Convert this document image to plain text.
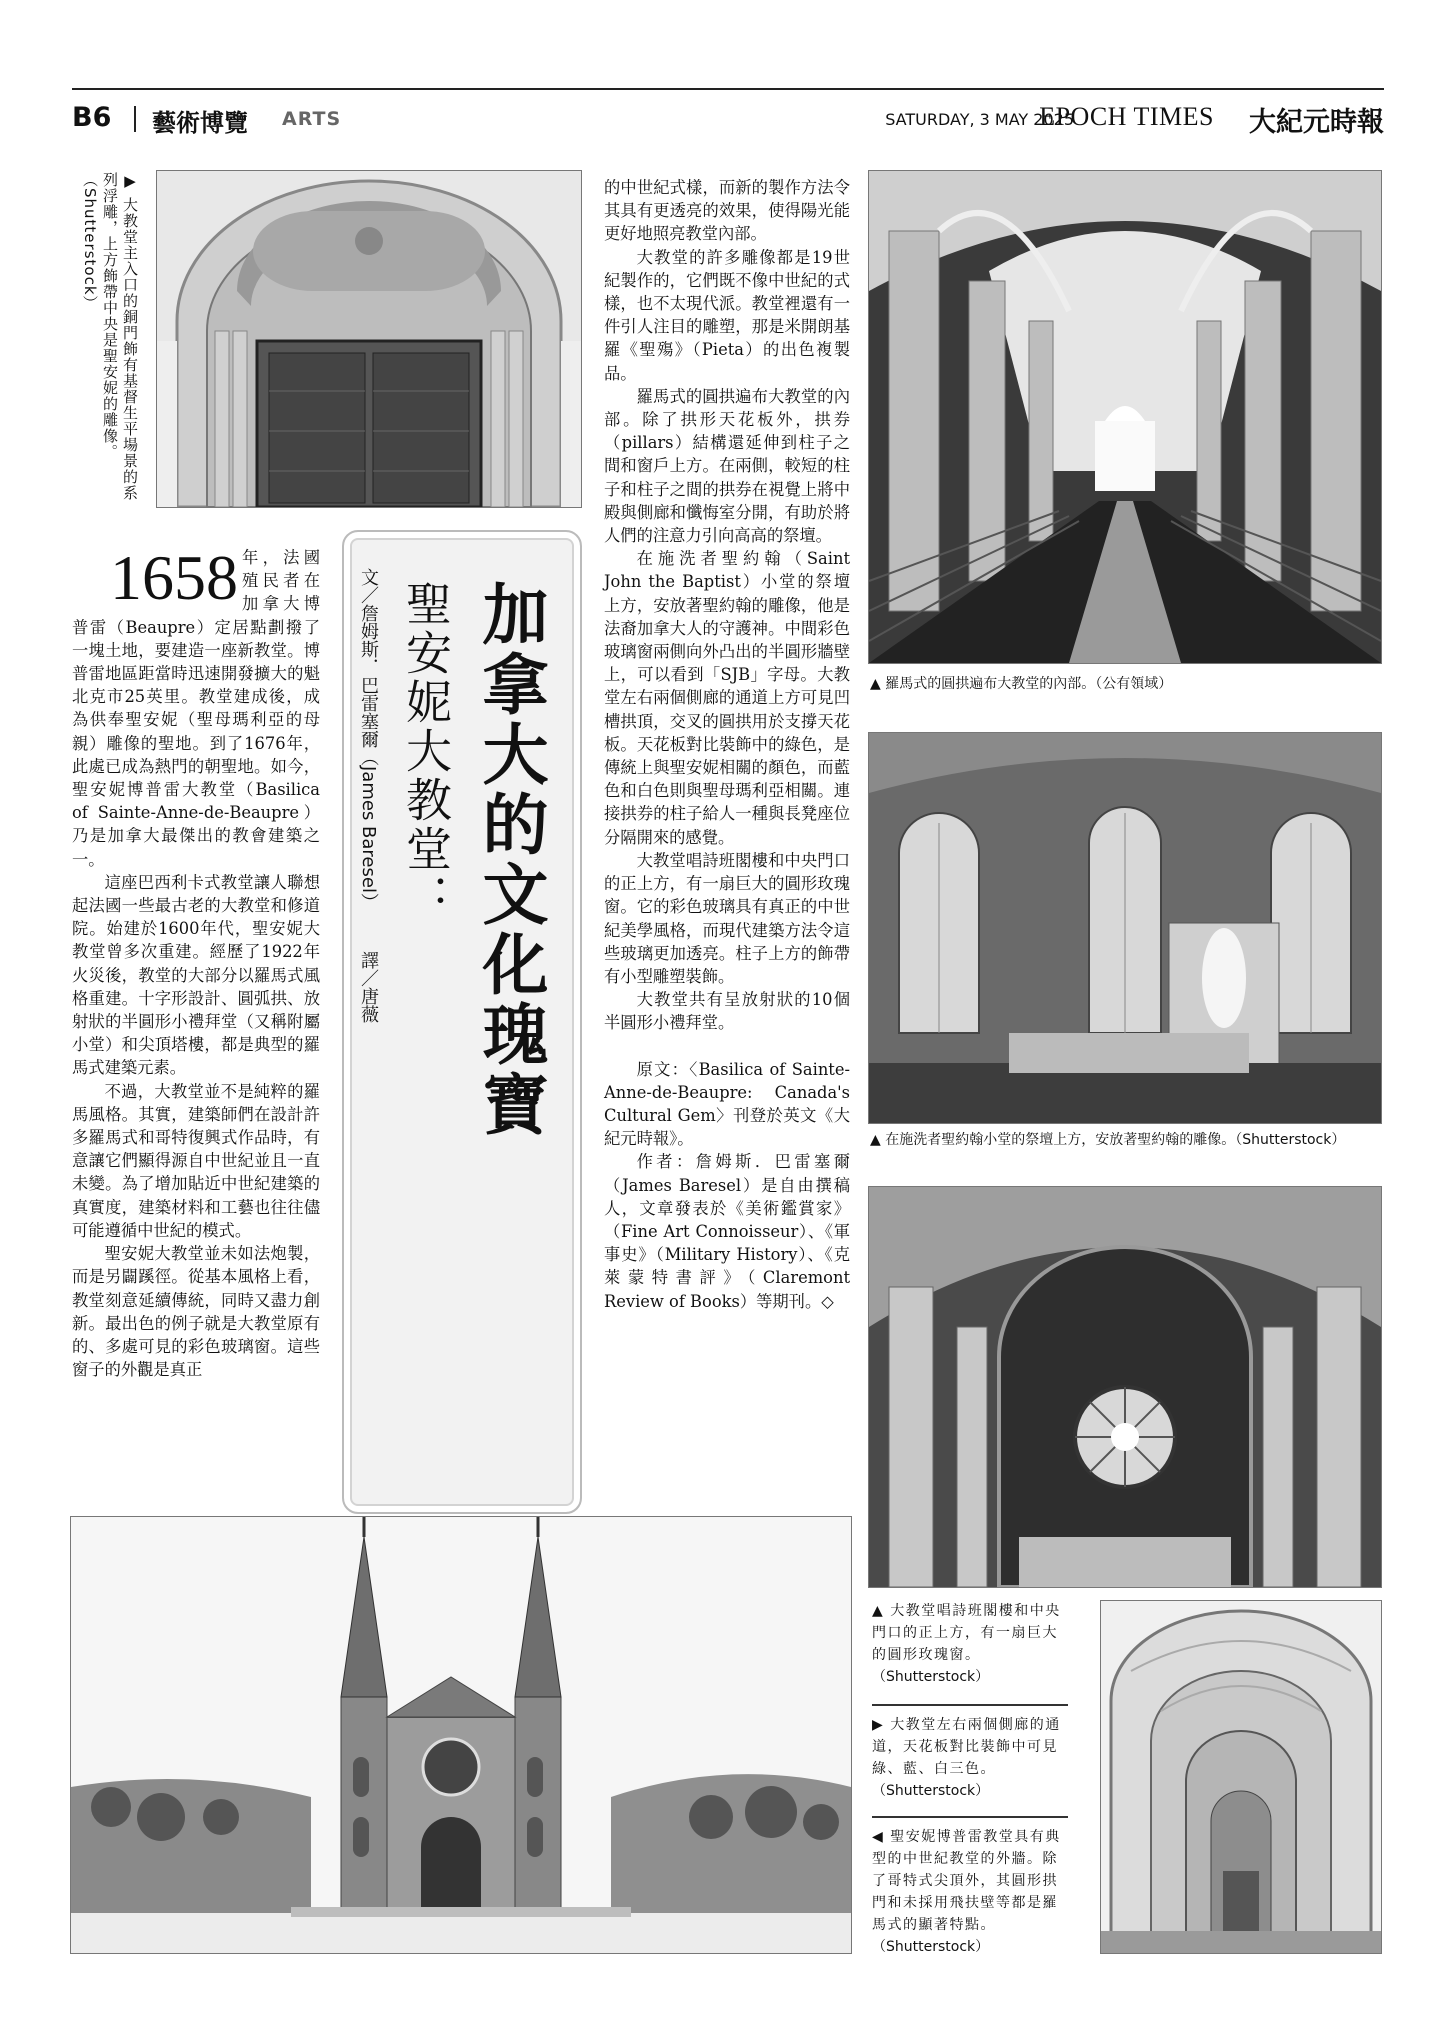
B6 藝術博覽 ARTS	SATURDAY, 3 MAY 2025
EPOCH TIMES 大紀元時報
▶ 大教堂主入口的銅門飾有基督生平場景的系列浮雕，上方飾帶中央是聖安妮的雕像。（Shutterstock）
加拿大的文化瑰寶
聖安妮大教堂：
文／詹姆斯．巴雷塞爾（James Baresel）譯／唐薇

1658 年，法國殖民者在加拿大博普雷（Beaupre）定居點劃撥了一塊土地，要建造一座新教堂。博普雷地區距當時迅速開發擴大的魁北克市25英里。教堂建成後，成為供奉聖安妮（聖母瑪利亞的母親）雕像的聖地。到了1676年，此處已成為熱門的朝聖地。如今，聖安妮博普雷大教堂（Basilica of Sainte-Anne-de-Beaupre）乃是加拿大最傑出的教會建築之一。

這座巴西利卡式教堂讓人聯想起法國一些最古老的大教堂和修道院。始建於1600年代，聖安妮大教堂曾多次重建。經歷了1922年火災後，教堂的大部分以羅馬式風格重建。十字形設計、圓弧拱、放射狀的半圓形小禮拜堂（又稱附屬小堂）和尖頂塔樓，都是典型的羅馬式建築元素。

不過，大教堂並不是純粹的羅馬風格。其實，建築師們在設計許多羅馬式和哥特復興式作品時，有意讓它們顯得源自中世紀並且一直未變。為了增加貼近中世紀建築的真實度，建築材料和工藝也往往儘可能遵循中世紀的模式。

聖安妮大教堂並未如法炮製，而是另闢蹊徑。從基本風格上看，教堂刻意延續傳統，同時又盡力創新。最出色的例子就是大教堂原有的、多處可見的彩色玻璃窗。這些窗子的外觀是真正

的中世紀式樣，而新的製作方法令其具有更透亮的效果，使得陽光能更好地照亮教堂內部。

大教堂的許多雕像都是19世紀製作的，它們既不像中世紀的式樣，也不太現代派。教堂裡還有一件引人注目的雕塑，那是米開朗基羅《聖殤》（Pieta）的出色複製品。

羅馬式的圓拱遍布大教堂的內部。除了拱形天花板外，拱券（pillars）結構還延伸到柱子之間和窗戶上方。在兩側，較短的柱子和柱子之間的拱券在視覺上將中殿與側廊和懺悔室分開，有助於將人們的注意力引向高高的祭壇。

在施洗者聖約翰（Saint John the Baptist）小堂的祭壇上方，安放著聖約翰的雕像，他是法裔加拿大人的守護神。中間彩色玻璃窗兩側向外凸出的半圓形牆壁上，可以看到「SJB」字母。大教堂左右兩個側廊的通道上方可見凹槽拱頂，交叉的圓拱用於支撐天花板。天花板對比裝飾中的綠色，是傳統上與聖安妮相關的顏色，而藍色和白色則與聖母瑪利亞相關。連接拱券的柱子給人一種與長凳座位分隔開來的感覺。

大教堂唱詩班閣樓和中央門口的正上方，有一扇巨大的圓形玫瑰窗。它的彩色玻璃具有真正的中世紀美學風格，而現代建築方法令這些玻璃更加透亮。柱子上方的飾帶有小型雕塑裝飾。

大教堂共有呈放射狀的10個半圓形小禮拜堂。

原文：〈Basilica of Sainte-Anne-de-Beaupre: Canada's Cultural Gem〉刊登於英文《大紀元時報》。

作者：詹姆斯．巴雷塞爾（James Baresel）是自由撰稿人，文章發表於《美術鑑賞家》（Fine Art Connoisseur）、《軍事史》（Military History）、《克萊蒙特書評》（Claremont Review of Books）等期刊。◇

▲ 羅馬式的圓拱遍布大教堂的內部。（公有領域）
▲ 在施洗者聖約翰小堂的祭壇上方，安放著聖約翰的雕像。（Shutterstock）
▲ 大教堂唱詩班閣樓和中央門口的正上方，有一扇巨大的圓形玫瑰窗。
（Shutterstock）
▶ 大教堂左右兩個側廊的通道，天花板對比裝飾中可見綠、藍、白三色。
（Shutterstock）
◀ 聖安妮博普雷教堂具有典型的中世紀教堂的外牆。除了哥特式尖頂外，其圓形拱門和未採用飛扶壁等都是羅馬式的顯著特點。
（Shutterstock）
